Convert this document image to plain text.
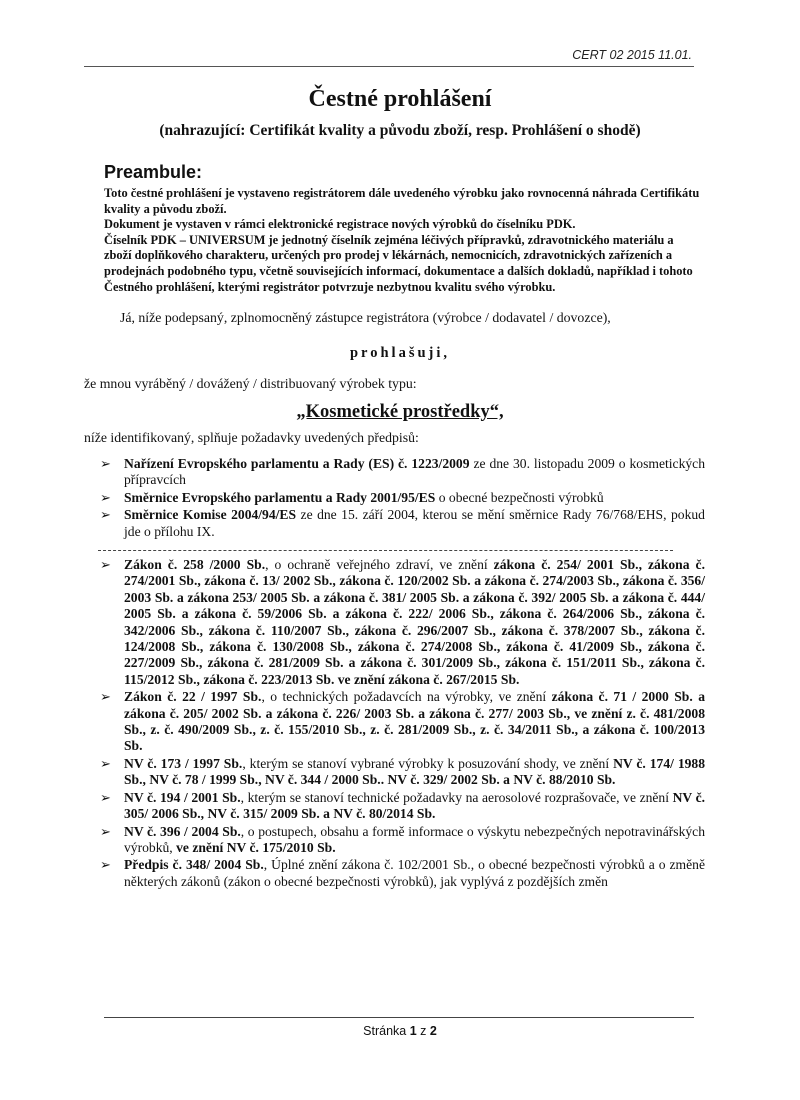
CERT 02 2015 11.01.
Čestné prohlášení
(nahrazující: Certifikát kvality a původu zboží, resp. Prohlášení o shodě)
Preambule:

Toto čestné prohlášení je vystaveno registrátorem dále uvedeného výrobku jako rovnocenná náhrada Certifikátu kvality a původu zboží.

Dokument je vystaven v rámci elektronické registrace nových výrobků do číselníku PDK.

Číselník PDK – UNIVERSUM je jednotný číselník zejména léčivých přípravků, zdravotnického materiálu a zboží doplňkového charakteru, určených pro prodej v lékárnách, nemocnicích, zdravotnických zařízeních a prodejnách podobného typu, včetně souvisejících informací, dokumentace a dalších dokladů, například i tohoto Čestného prohlášení, kterými registrátor potvrzuje nezbytnou kvalitu svého výrobku.

Já, níže podepsaný, zplnomocněný zástupce registrátora (výrobce / dodavatel / dovozce),
prohlašuji,
že mnou vyráběný / dovážený / distribuovaný výrobek typu:
„Kosmetické prostředky“,
níže identifikovaný, splňuje požadavky uvedených předpisů:
➢ Nařízení Evropského parlamentu a Rady (ES) č. 1223/2009 ze dne 30. listopadu 2009 o kosmetických přípravcích
➢ Směrnice Evropského parlamentu a Rady 2001/95/ES o obecné bezpečnosti výrobků
➢ Směrnice Komise 2004/94/ES ze dne 15. září 2004, kterou se mění směrnice Rady 76/768/EHS, pokud jde o přílohu IX.
➢ Zákon č. 258 /2000 Sb., o ochraně veřejného zdraví, ve znění zákona č. 254/ 2001 Sb., zákona č. 274/2001 Sb., zákona č. 13/ 2002 Sb., zákona č. 120/2002 Sb. a zákona č. 274/2003 Sb., zákona č. 356/ 2003 Sb. a zákona 253/ 2005 Sb. a zákona č. 381/ 2005 Sb. a zákona č. 392/ 2005 Sb. a zákona č. 444/ 2005 Sb. a zákona č. 59/2006 Sb. a zákona č. 222/ 2006 Sb., zákona č. 264/2006 Sb., zákona č. 342/2006 Sb., zákona č. 110/2007 Sb., zákona č. 296/2007 Sb., zákona č. 378/2007 Sb., zákona č. 124/2008 Sb., zákona č. 130/2008 Sb., zákona č. 274/2008 Sb., zákona č. 41/2009 Sb., zákona č. 227/2009 Sb., zákona č. 281/2009 Sb. a zákona č. 301/2009 Sb., zákona č. 151/2011 Sb., zákona č. 115/2012 Sb., zákona č. 223/2013 Sb. ve znění zákona č. 267/2015 Sb.
➢ Zákon č. 22 / 1997 Sb., o technických požadavcích na výrobky, ve znění zákona č. 71 / 2000 Sb. a zákona č. 205/ 2002 Sb. a zákona č. 226/ 2003 Sb. a zákona č. 277/ 2003 Sb., ve znění z. č. 481/2008 Sb., z. č. 490/2009 Sb., z. č. 155/2010 Sb., z. č. 281/2009 Sb., z. č. 34/2011 Sb., a zákona č. 100/2013 Sb.
➢ NV č. 173 / 1997 Sb., kterým se stanoví vybrané výrobky k posuzování shody, ve znění NV č. 174/ 1988 Sb., NV č. 78 / 1999 Sb., NV č. 344 / 2000 Sb.. NV č. 329/ 2002 Sb. a NV č. 88/2010 Sb.
➢ NV č. 194 / 2001 Sb., kterým se stanoví technické požadavky na aerosolové rozprašovače, ve znění NV č. 305/ 2006 Sb., NV č. 315/ 2009 Sb. a NV č. 80/2014 Sb.
➢ NV č. 396 / 2004 Sb., o postupech, obsahu a formě informace o výskytu nebezpečných nepotravinářských výrobků, ve znění NV č. 175/2010 Sb.
➢ Předpis č. 348/ 2004 Sb., Úplné znění zákona č. 102/2001 Sb., o obecné bezpečnosti výrobků a o změně některých zákonů (zákon o obecné bezpečnosti výrobků), jak vyplývá z pozdějších změn
Stránka 1 z 2
